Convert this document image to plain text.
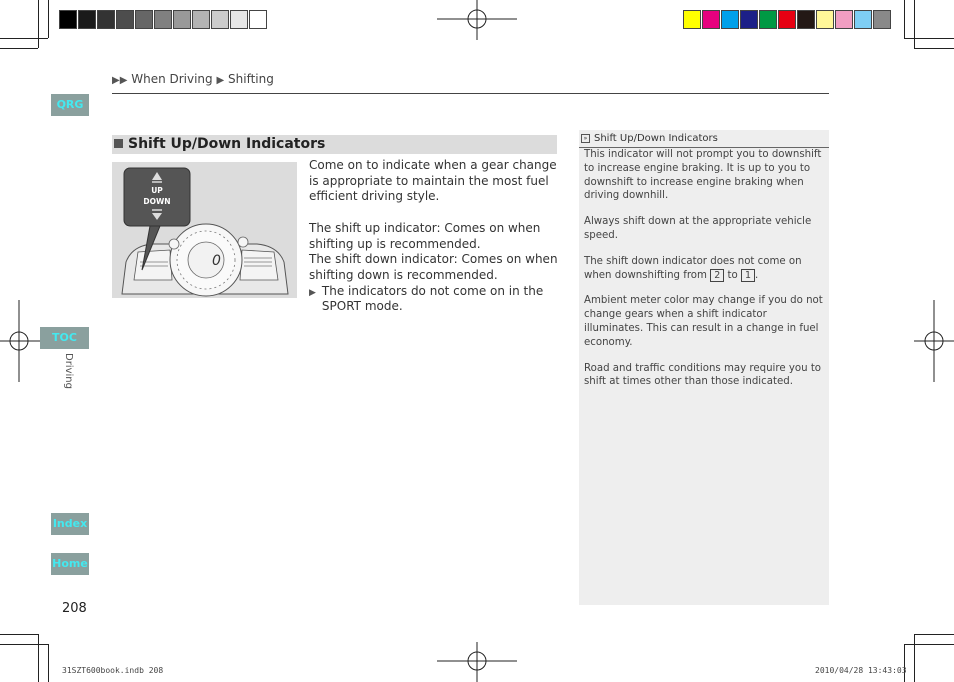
QRG
TOC
Index
Home
Driving
▶▶ When Driving ▶ Shifting
Shift Up/Down Indicators
0
UP
DOWN

Come on to indicate when a gear change is appropriate to maintain the most fuel efficient driving style.

The shift up indicator: Comes on when shifting up is recommended.

The shift down indicator: Comes on when shifting down is recommended.

▶ The indicators do not come on in the SPORT mode.
» Shift Up/Down Indicators

This indicator will not prompt you to downshift to increase engine braking. It is up to you to downshift to increase engine braking when driving downhill.

Always shift down at the appropriate vehicle speed.

The shift down indicator does not come on when downshifting from 2 to 1 .

Ambient meter color may change if you do not change gears when a shift indicator illuminates. This can result in a change in fuel economy.

Road and traffic conditions may require you to shift at times other than those indicated.

208
31SZT600book.indb 208	2010/04/28 13:43:03
